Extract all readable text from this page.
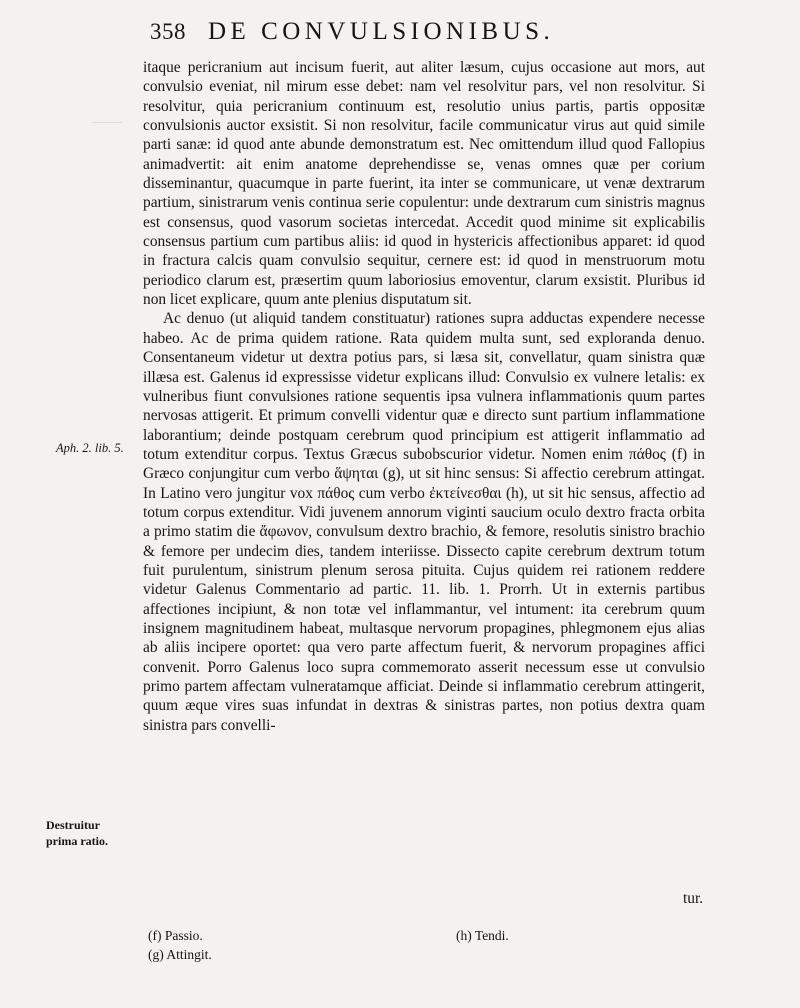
358 DE CONVULSIONIBUS.

itaque pericranium aut incisum fuerit, aut aliter læsum, cujus occasione aut mors, aut convulsio eveniat, nil mirum esse debet: nam vel resolvitur pars, vel non resolvitur. Si resolvitur, quia pericranium continuum est, resolutio unius partis, partis oppositæ convulsionis auctor exsistit. Si non resolvitur, facile communicatur virus aut quid simile parti sanæ: id quod ante abunde demonstratum est. Nec omittendum illud quod Fallopius animadvertit: ait enim anatome deprehendisse se, venas omnes quæ per corium disseminantur, quacumque in parte fuerint, ita inter se communicare, ut venæ dextrarum partium, sinistrarum venis continua serie copulentur: unde dextrarum cum sinistris magnus est consensus, quod vasorum societas intercedat. Accedit quod minime sit explicabilis consensus partium cum partibus aliis: id quod in hystericis affectionibus apparet: id quod in fractura calcis quam convulsio sequitur, cernere est: id quod in menstruorum motu periodico clarum est, præsertim quum laboriosius emoventur, clarum exsistit. Pluribus id non licet explicare, quum ante plenius disputatum sit.

Ac denuo (ut aliquid tandem constituatur) rationes supra adductas expendere necesse habeo. Ac de prima quidem ratione. Rata quidem multa sunt, sed exploranda denuo. Consentaneum videtur ut dextra potius pars, si læsa sit, convellatur, quam sinistra quæ illæsa est. Galenus id expressisse videtur explicans illud: Convulsio ex vulnere letalis: ex vulneribus fiunt convulsiones ratione sequentis ipsa vulnera inflammationis quum partes nervosas attigerit. Et primum convelli videntur quæ e directo sunt partium inflammatione laborantium; deinde postquam cerebrum quod principium est attigerit inflammatio ad totum extenditur corpus. Textus Græcus subobscurior videtur. Nomen enim πάθος (f) in Græco conjungitur cum verbo ἅψηται (g), ut sit hinc sensus: Si affectio cerebrum attingat. In Latino vero jungitur vox πάθος cum verbo ἐκτείνεσθαι (h), ut sit hic sensus, affectio ad totum corpus extenditur. Vidi juvenem annorum viginti saucium oculo dextro fracta orbita a primo statim die ἄφωνον, convulsum dextro brachio, & femore, resolutis sinistro brachio & femore per undecim dies, tandem interiisse. Dissecto capite cerebrum dextrum totum fuit purulentum, sinistrum plenum serosa pituita. Cujus quidem rei rationem reddere videtur Galenus Commentario ad partic. 11. lib. 1. Prorrh. Ut in externis partibus affectiones incipiunt, & non totæ vel inflammantur, vel intument: ita cerebrum quum insignem magnitudinem habeat, multasque nervorum propagines, phlegmonem ejus alias ab aliis incipere oportet: qua vero parte affectum fuerit, & nervorum propagines affici convenit. Porro Galenus loco supra commemorato asserit necessum esse ut convulsio primo partem affectam vulneratamque afficiat. Deinde si inflammatio cerebrum attingerit, quum æque vires suas infundat in dextras & sinistras partes, non potius dextra quam sinistra pars convelli-

tur.
Aph. 2. lib. 5.
Destruitur
prima ratio.
(f) Passio.
(g) Attingit.
(h) Tendi.
